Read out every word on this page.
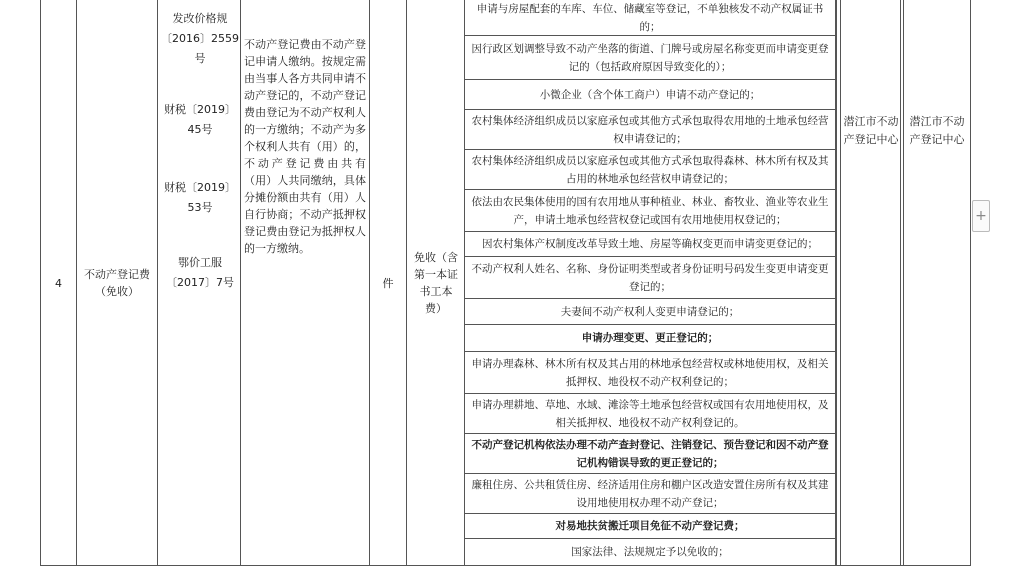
4
不动产登记费（免收）
发改价格规〔2016〕2559号
财税〔2019〕45号
财税〔2019〕53号
鄂价工服〔2017〕7号
不动产登记费由不动产登记申请人缴纳。按规定需由当事人各方共同申请不动产登记的，不动产登记费由登记为不动产权利人的一方缴纳；不动产为多个权利人共有（用）的，不动产登记费由共有（用）人共同缴纳，具体分摊份额由共有（用）人自行协商；不动产抵押权登记费由登记为抵押权人的一方缴纳。
件
免收（含第一本证书工本费）
申请与房屋配套的车库、车位、储藏室等登记，不单独核发不动产权属证书的；
因行政区划调整导致不动产坐落的街道、门牌号或房屋名称变更而申请变更登记的（包括政府原因导致变化的）；
小微企业（含个体工商户）申请不动产登记的；
农村集体经济组织成员以家庭承包或其他方式承包取得农用地的土地承包经营权申请登记的；
农村集体经济组织成员以家庭承包或其他方式承包取得森林、林木所有权及其占用的林地承包经营权申请登记的；
依法由农民集体使用的国有农用地从事种植业、林业、畜牧业、渔业等农业生产，申请土地承包经营权登记或国有农用地使用权登记的；
因农村集体产权制度改革导致土地、房屋等确权变更而申请变更登记的；
不动产权利人姓名、名称、身份证明类型或者身份证明号码发生变更申请变更登记的；
夫妻间不动产权利人变更申请登记的；
申请办理变更、更正登记的；
申请办理森林、林木所有权及其占用的林地承包经营权或林地使用权，及相关抵押权、地役权不动产权利登记的；
申请办理耕地、草地、水域、滩涂等土地承包经营权或国有农用地使用权，及相关抵押权、地役权不动产权利登记的。
不动产登记机构依法办理不动产查封登记、注销登记、预告登记和因不动产登记机构错误导致的更正登记的；
廉租住房、公共租赁住房、经济适用住房和棚户区改造安置住房所有权及其建设用地使用权办理不动产登记；
对易地扶贫搬迁项目免征不动产登记费；
国家法律、法规规定予以免收的；
潜江市不动产登记中心
潜江市不动产登记中心
+
